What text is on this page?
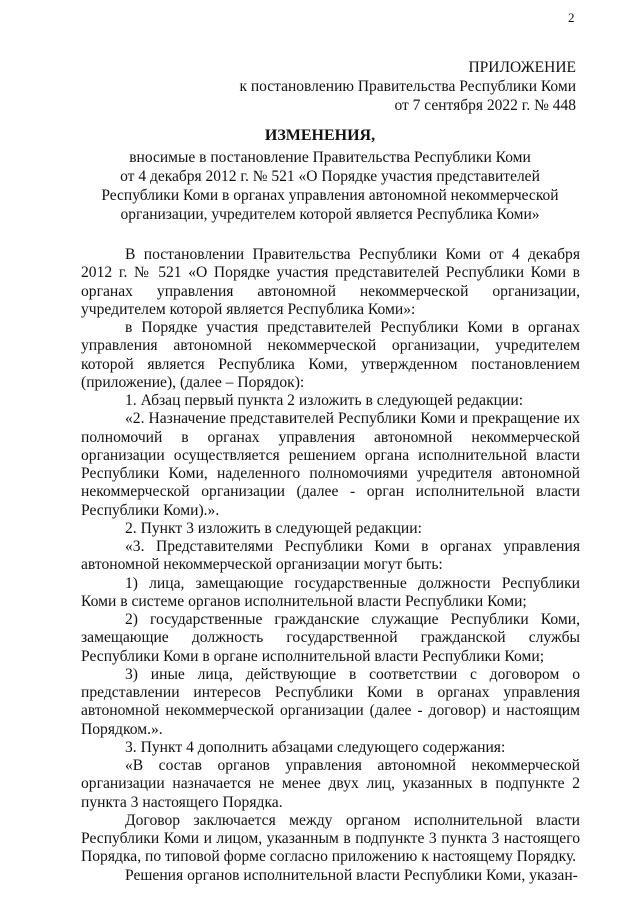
2
ПРИЛОЖЕНИЕ
к постановлению Правительства Республики Коми
от 7 сентября 2022 г. № 448
ИЗМЕНЕНИЯ,
вносимые в постановление Правительства Республики Коми
от 4 декабря 2012 г. № 521 «О Порядке участия представителей
Республики Коми в органах управления автономной некоммерческой
организации, учредителем которой является Республика Коми»

В постановлении Правительства Республики Коми от 4 декабря 2012 г. № 521 «О Порядке участия представителей Республики Коми в органах управления автономной некоммерческой организации, учредителем которой является Республика Коми»:

в Порядке участия представителей Республики Коми в органах управления автономной некоммерческой организации, учредителем которой является Республика Коми, утвержденном постановлением (приложение), (далее – Порядок):

1. Абзац первый пункта 2 изложить в следующей редакции:

«2. Назначение представителей Республики Коми и прекращение их полномочий в органах управления автономной некоммерческой организации осуществляется решением органа исполнительной власти Республики Коми, наделенного полномочиями учредителя автономной некоммерческой организации (далее - орган исполнительной власти Республики Коми).».

2. Пункт 3 изложить в следующей редакции:

«3. Представителями Республики Коми в органах управления автономной некоммерческой организации могут быть:

1) лица, замещающие государственные должности Республики Коми в системе органов исполнительной власти Республики Коми;

2) государственные гражданские служащие Республики Коми, замещающие должность государственной гражданской службы Республики Коми в органе исполнительной власти Республики Коми;

3) иные лица, действующие в соответствии с договором о представлении интересов Республики Коми в органах управления автономной некоммерческой организации (далее - договор) и настоящим Порядком.».

3. Пункт 4 дополнить абзацами следующего содержания:

«В состав органов управления автономной некоммерческой организации назначается не менее двух лиц, указанных в подпункте 2 пункта 3 настоящего Порядка.

Договор заключается между органом исполнительной власти Республики Коми и лицом, указанным в подпункте 3 пункта 3 настоящего Порядка, по типовой форме согласно приложению к настоящему Порядку.

Решения органов исполнительной власти Республики Коми, указан-
